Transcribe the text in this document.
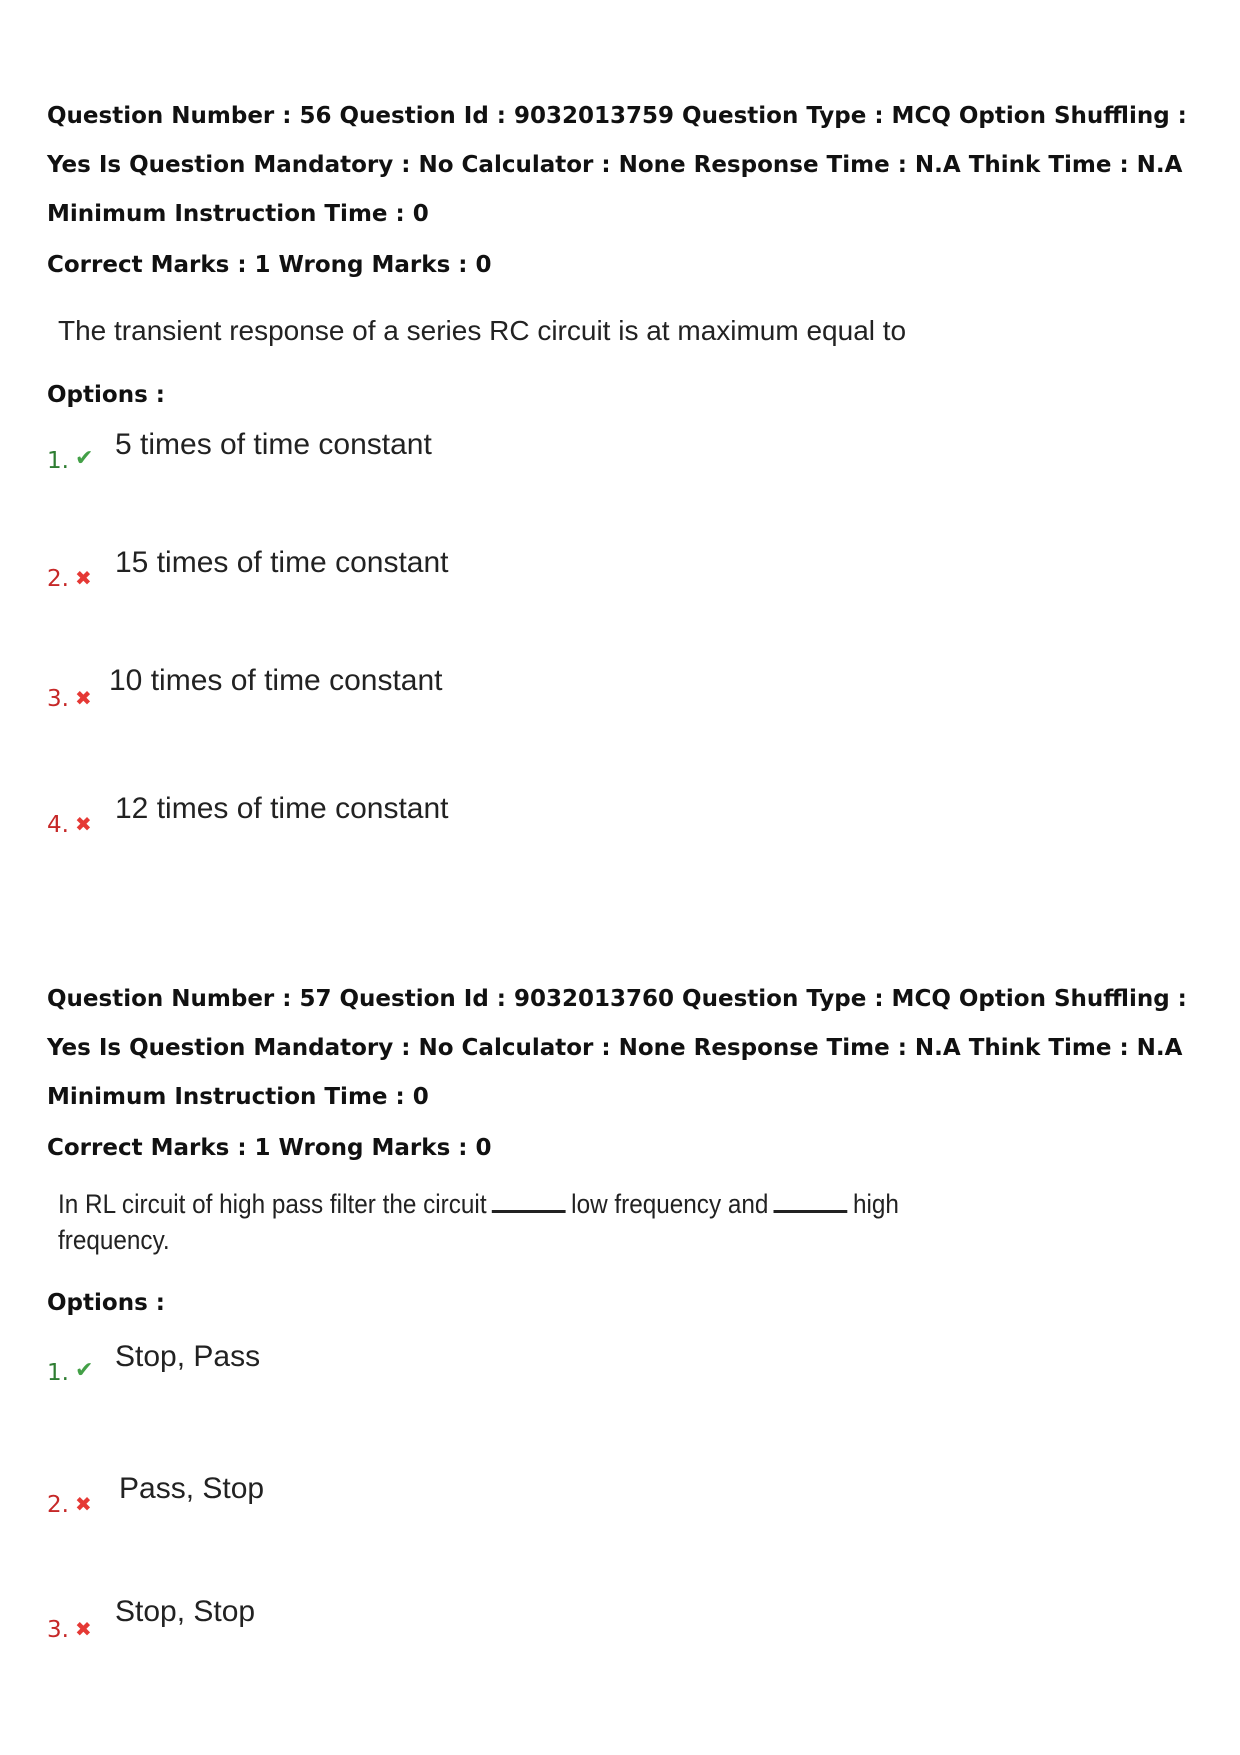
Question Number : 56 Question Id : 9032013759 Question Type : MCQ Option Shuffling : Yes Is Question Mandatory : No Calculator : None Response Time : N.A Think Time : N.A Minimum Instruction Time : 0
Correct Marks : 1 Wrong Marks : 0
The transient response of a series RC circuit is at maximum equal to
Options :
1. ✔ 5 times of time constant
2. ✖ 15 times of time constant
3. ✖
10 times of time constant
4. ✖ 12 times of time constant
Question Number : 57 Question Id : 9032013760 Question Type : MCQ Option Shuffling : Yes Is Question Mandatory : No Calculator : None Response Time : N.A Think Time : N.A Minimum Instruction Time : 0
Correct Marks : 1 Wrong Marks : 0
In RL circuit of high pass filter the circuit	low frequency and	high
frequency.
Options :
1. ✔ Stop, Pass
2. ✖ Pass, Stop
3. ✖
Stop, Stop
